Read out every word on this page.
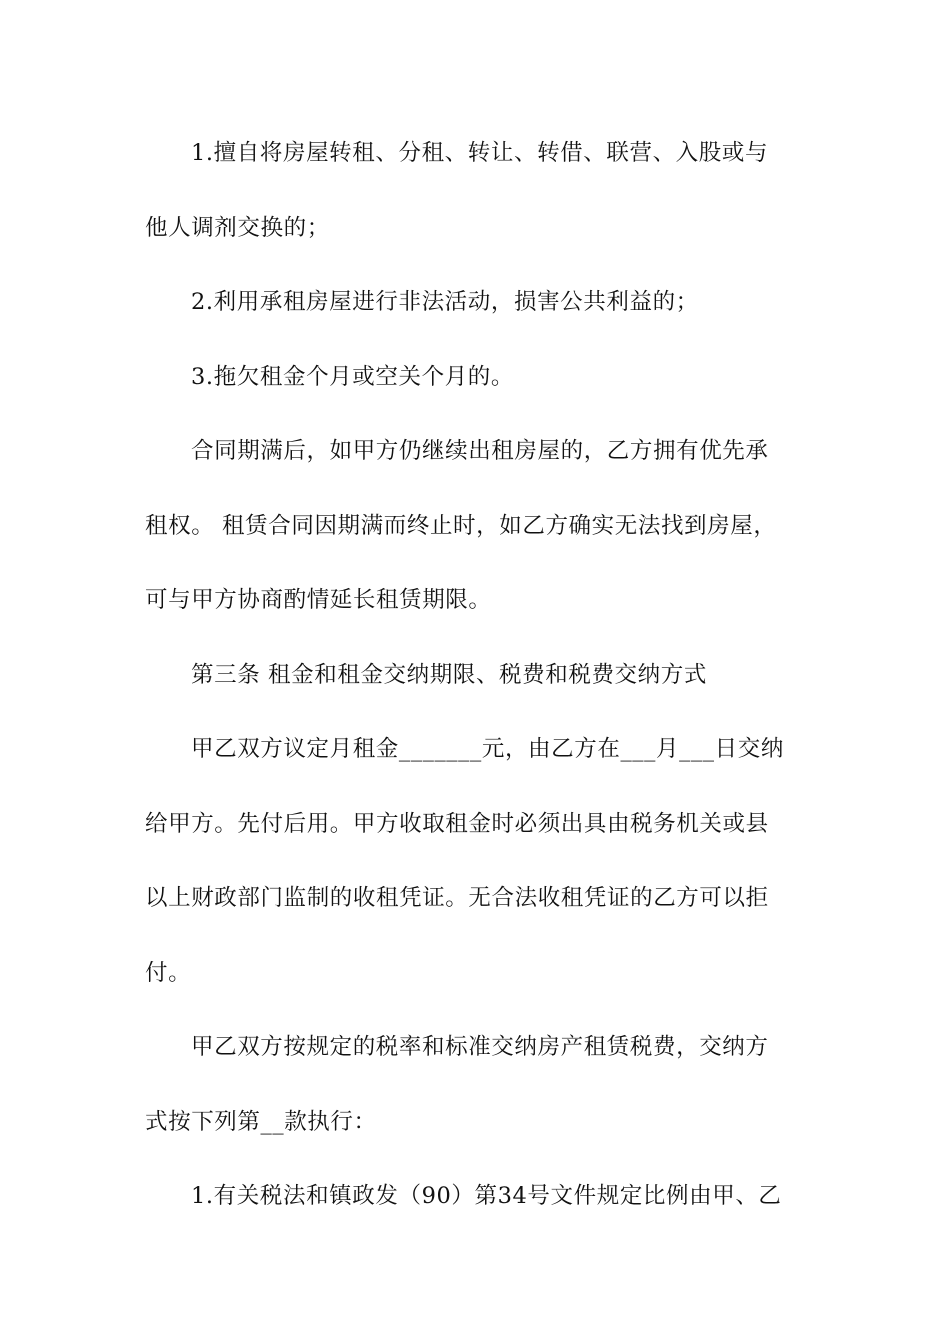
1.擅自将房屋转租、分租、转让、转借、联营、入股或与
他人调剂交换的；
2.利用承租房屋进行非法活动，损害公共利益的；
3.拖欠租金个月或空关个月的。
合同期满后，如甲方仍继续出租房屋的，乙方拥有优先承
租权。 租赁合同因期满而终止时，如乙方确实无法找到房屋，
可与甲方协商酌情延长租赁期限。
第三条 租金和租金交纳期限、税费和税费交纳方式
甲乙双方议定月租金_______元，由乙方在___月___日交纳
给甲方。先付后用。甲方收取租金时必须出具由税务机关或县
以上财政部门监制的收租凭证。无合法收租凭证的乙方可以拒
付。
甲乙双方按规定的税率和标准交纳房产租赁税费，交纳方
式按下列第__款执行：
1.有关税法和镇政发（90）第34号文件规定比例由甲、乙
